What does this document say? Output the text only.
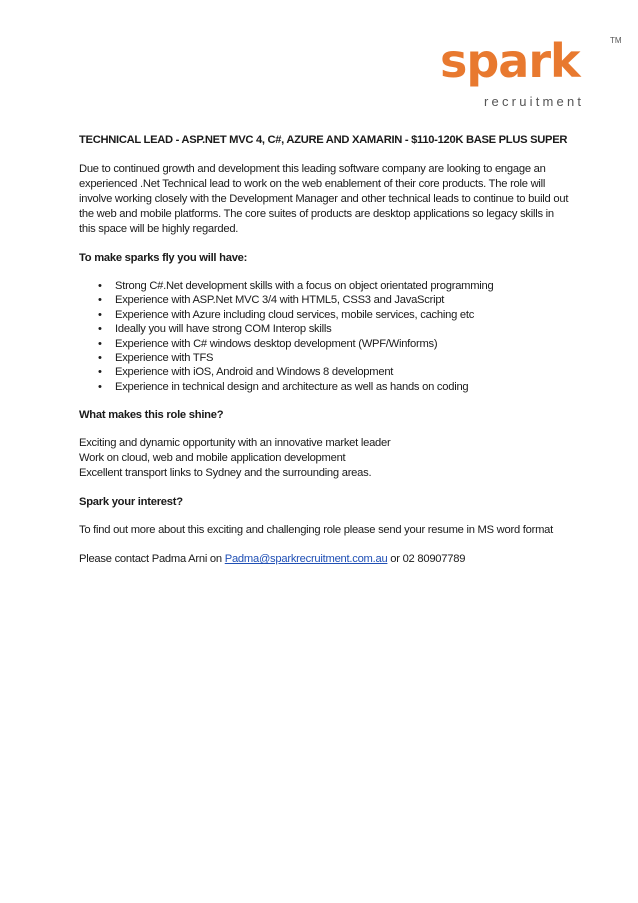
spark
recruitment
TM
TECHNICAL LEAD - ASP.NET MVC 4, C#, AZURE AND XAMARIN - $110-120K BASE PLUS SUPER

Due to continued growth and development this leading software company are looking to engage an experienced .Net Technical lead to work on the web enablement of their core products. The role will involve working closely with the Development Manager and other technical leads to continue to build out the web and mobile platforms. The core suites of products are desktop applications so legacy skills in this space will be highly regarded.

To make sparks fly you will have:
• Strong C#.Net development skills with a focus on object orientated programming
• Experience with ASP.Net MVC 3/4 with HTML5, CSS3 and JavaScript
• Experience with Azure including cloud services, mobile services, caching etc
• Ideally you will have strong COM Interop skills
• Experience with C# windows desktop development (WPF/Winforms)
• Experience with TFS
• Experience with iOS, Android and Windows 8 development
• Experience in technical design and architecture as well as hands on coding
What makes this role shine?

Exciting and dynamic opportunity with an innovative market leader
Work on cloud, web and mobile application development
Excellent transport links to Sydney and the surrounding areas.

Spark your interest?

To find out more about this exciting and challenging role please send your resume in MS word format

Please contact Padma Arni on Padma@sparkrecruitment.com.au or 02 80907789
